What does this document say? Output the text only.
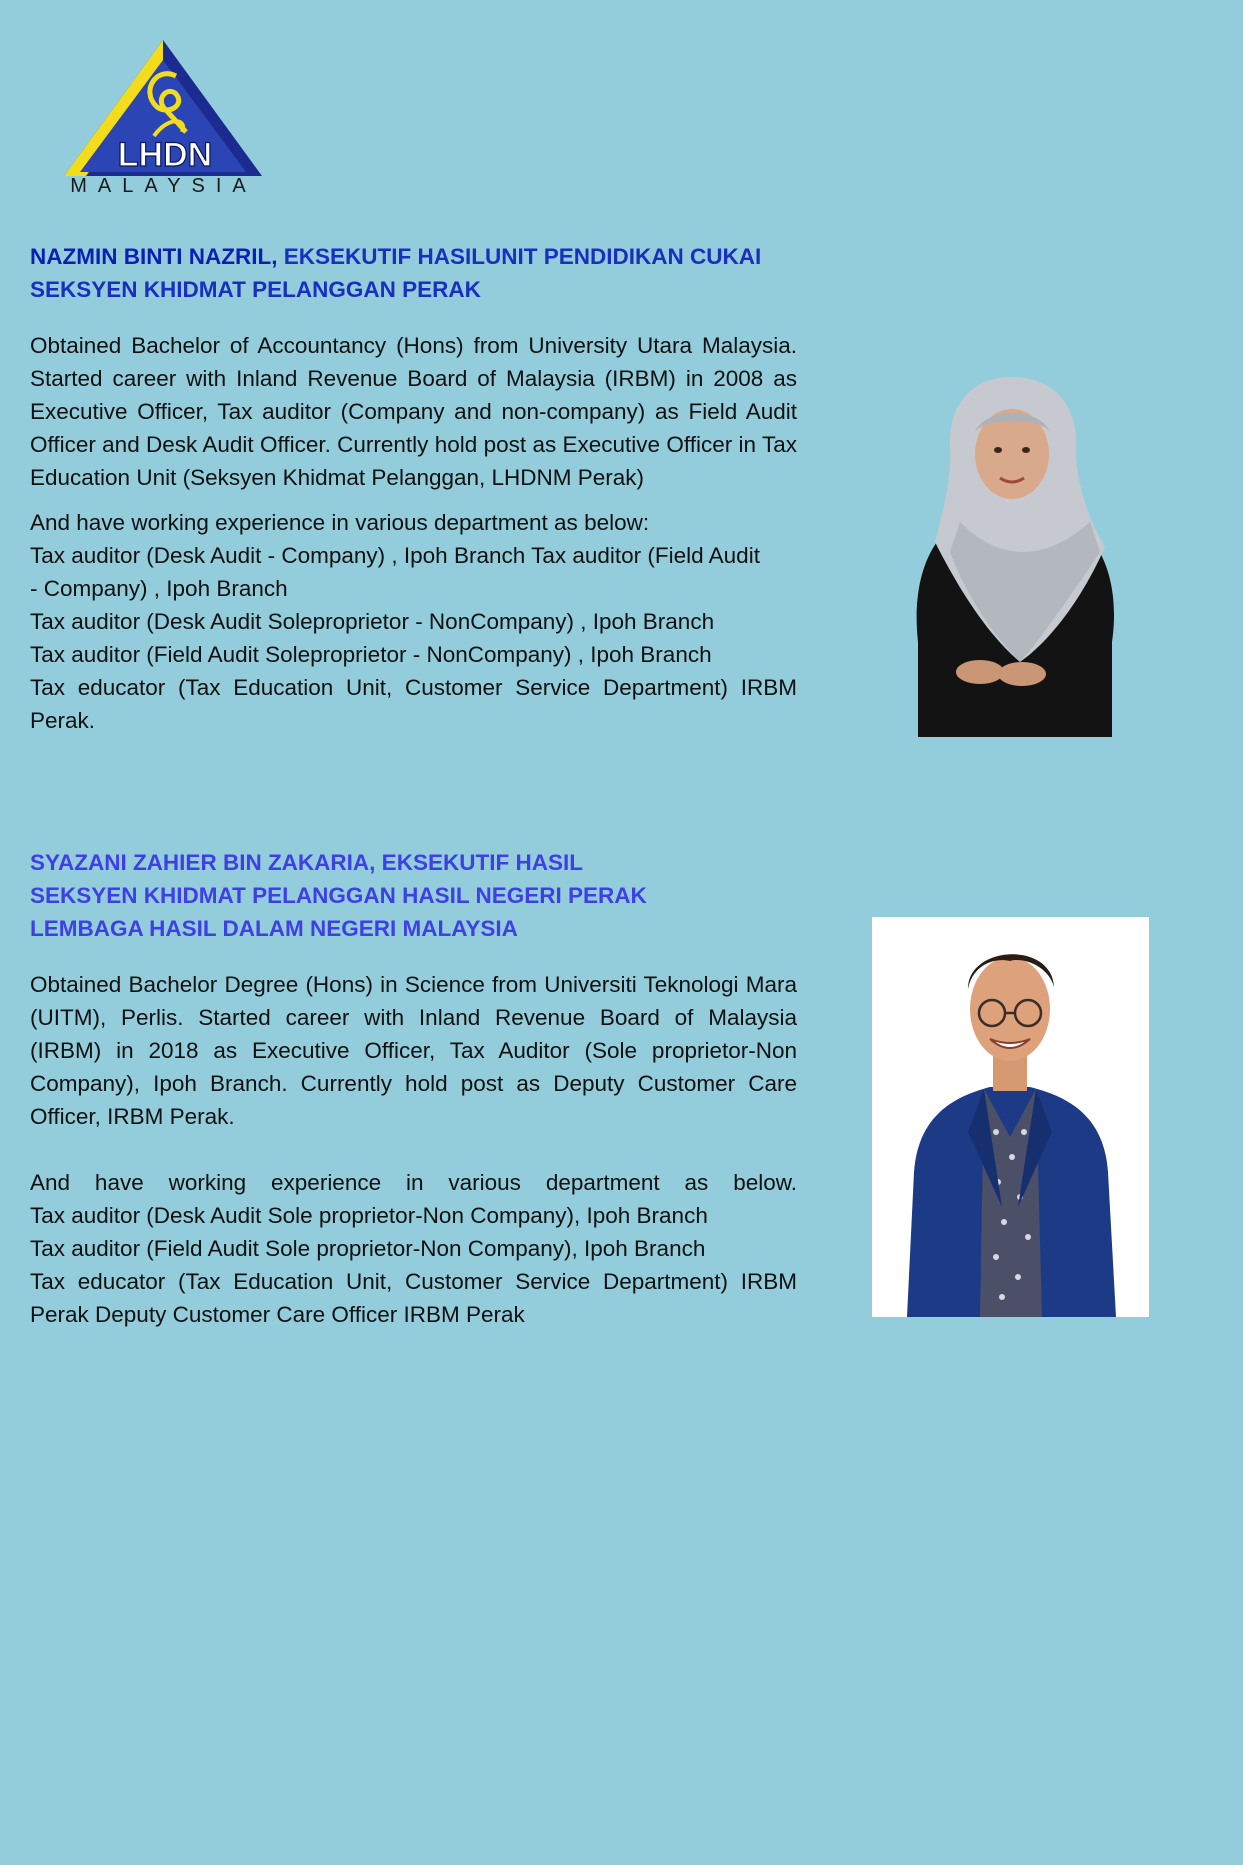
LHDN
MALAYSIA

NAZMIN BINTI NAZRIL, EKSEKUTIF HASILUNIT PENDIDIKAN CUKAI

SEKSYEN KHIDMAT PELANGGAN PERAK

Obtained Bachelor of Accountancy (Hons) from University Utara Malaysia. Started career with Inland Revenue Board of Malaysia (IRBM) in 2008 as Executive Officer, Tax auditor (Company and non-company) as Field Audit Officer and Desk Audit Officer. Currently hold post as Executive Officer in Tax Education Unit (Seksyen Khidmat Pelanggan, LHDNM Perak)

And have working experience in various department as below:

Tax auditor (Desk Audit - Company) , Ipoh Branch Tax auditor (Field Audit - Company) , Ipoh Branch

Tax auditor (Desk Audit Soleproprietor - NonCompany) , Ipoh Branch

Tax auditor (Field Audit Soleproprietor - NonCompany) , Ipoh Branch

Tax educator (Tax Education Unit, Customer Service Department) IRBM Perak.

SYAZANI ZAHIER BIN ZAKARIA, EKSEKUTIF HASIL

SEKSYEN KHIDMAT PELANGGAN HASIL NEGERI PERAK

LEMBAGA HASIL DALAM NEGERI MALAYSIA

Obtained Bachelor Degree (Hons) in Science from Universiti Teknologi Mara (UITM), Perlis. Started career with Inland Revenue Board of Malaysia (IRBM) in 2018 as Executive Officer, Tax Auditor (Sole proprietor-Non Company), Ipoh Branch. Currently hold post as Deputy Customer Care Officer, IRBM Perak.

And have working experience in various department as below.

Tax auditor (Desk Audit Sole proprietor-Non Company), Ipoh Branch

Tax auditor (Field Audit Sole proprietor-Non Company), Ipoh Branch

Tax educator (Tax Education Unit, Customer Service Department) IRBM Perak Deputy Customer Care Officer IRBM Perak
